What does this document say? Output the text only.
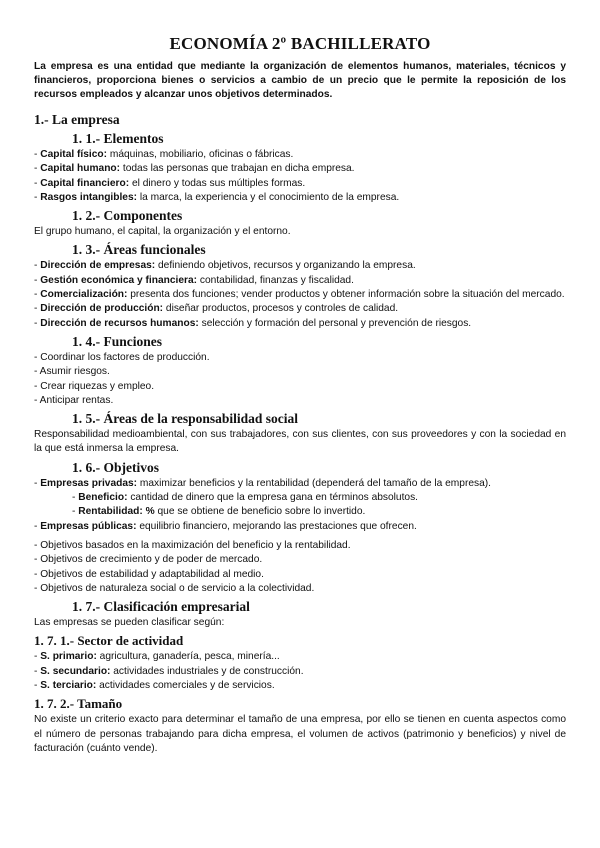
ECONOMÍA 2º BACHILLERATO

La empresa es una entidad que mediante la organización de elementos humanos, materiales, técnicos y financieros, proporciona bienes o servicios a cambio de un precio que le permite la reposición de los recursos empleados y alcanzar unos objetivos determinados.

1.- La empresa
1. 1.- Elementos

- Capital físico: máquinas, mobiliario, oficinas o fábricas.

- Capital humano: todas las personas que trabajan en dicha empresa.

- Capital financiero: el dinero y todas sus múltiples formas.

- Rasgos intangibles: la marca, la experiencia y el conocimiento de la empresa.

1. 2.- Componentes

El grupo humano, el capital, la organización y el entorno.

1. 3.- Áreas funcionales

- Dirección de empresas: definiendo objetivos, recursos y organizando la empresa.

- Gestión económica y financiera: contabilidad, finanzas y fiscalidad.

- Comercialización: presenta dos funciones; vender productos y obtener información sobre la situación del mercado.

- Dirección de producción: diseñar productos, procesos y controles de calidad.

- Dirección de recursos humanos: selección y formación del personal y prevención de riesgos.

1. 4.- Funciones

- Coordinar los factores de producción.

- Asumir riesgos.

- Crear riquezas y empleo.

- Anticipar rentas.

1. 5.- Áreas de la responsabilidad social

Responsabilidad medioambiental, con sus trabajadores, con sus clientes, con sus proveedores y con la sociedad en la que está inmersa la empresa.

1. 6.- Objetivos

- Empresas privadas: maximizar beneficios y la rentabilidad (dependerá del tamaño de la empresa).

- Beneficio: cantidad de dinero que la empresa gana en términos absolutos.

- Rentabilidad: % que se obtiene de beneficio sobre lo invertido.

- Empresas públicas: equilibrio financiero, mejorando las prestaciones que ofrecen.

- Objetivos basados en la maximización del beneficio y la rentabilidad.

- Objetivos de crecimiento y de poder de mercado.

- Objetivos de estabilidad y adaptabilidad al medio.

- Objetivos de naturaleza social o de servicio a la colectividad.

1. 7.- Clasificación empresarial

Las empresas se pueden clasificar según:

1. 7. 1.- Sector de actividad

- S. primario: agricultura, ganadería, pesca, minería...

- S. secundario: actividades industriales y de construcción.

- S. terciario: actividades comerciales y de servicios.

1. 7. 2.- Tamaño

No existe un criterio exacto para determinar el tamaño de una empresa, por ello se tienen en cuenta aspectos como el número de personas trabajando para dicha empresa, el volumen de activos (patrimonio y beneficios) y nivel de facturación (cuánto vende).
